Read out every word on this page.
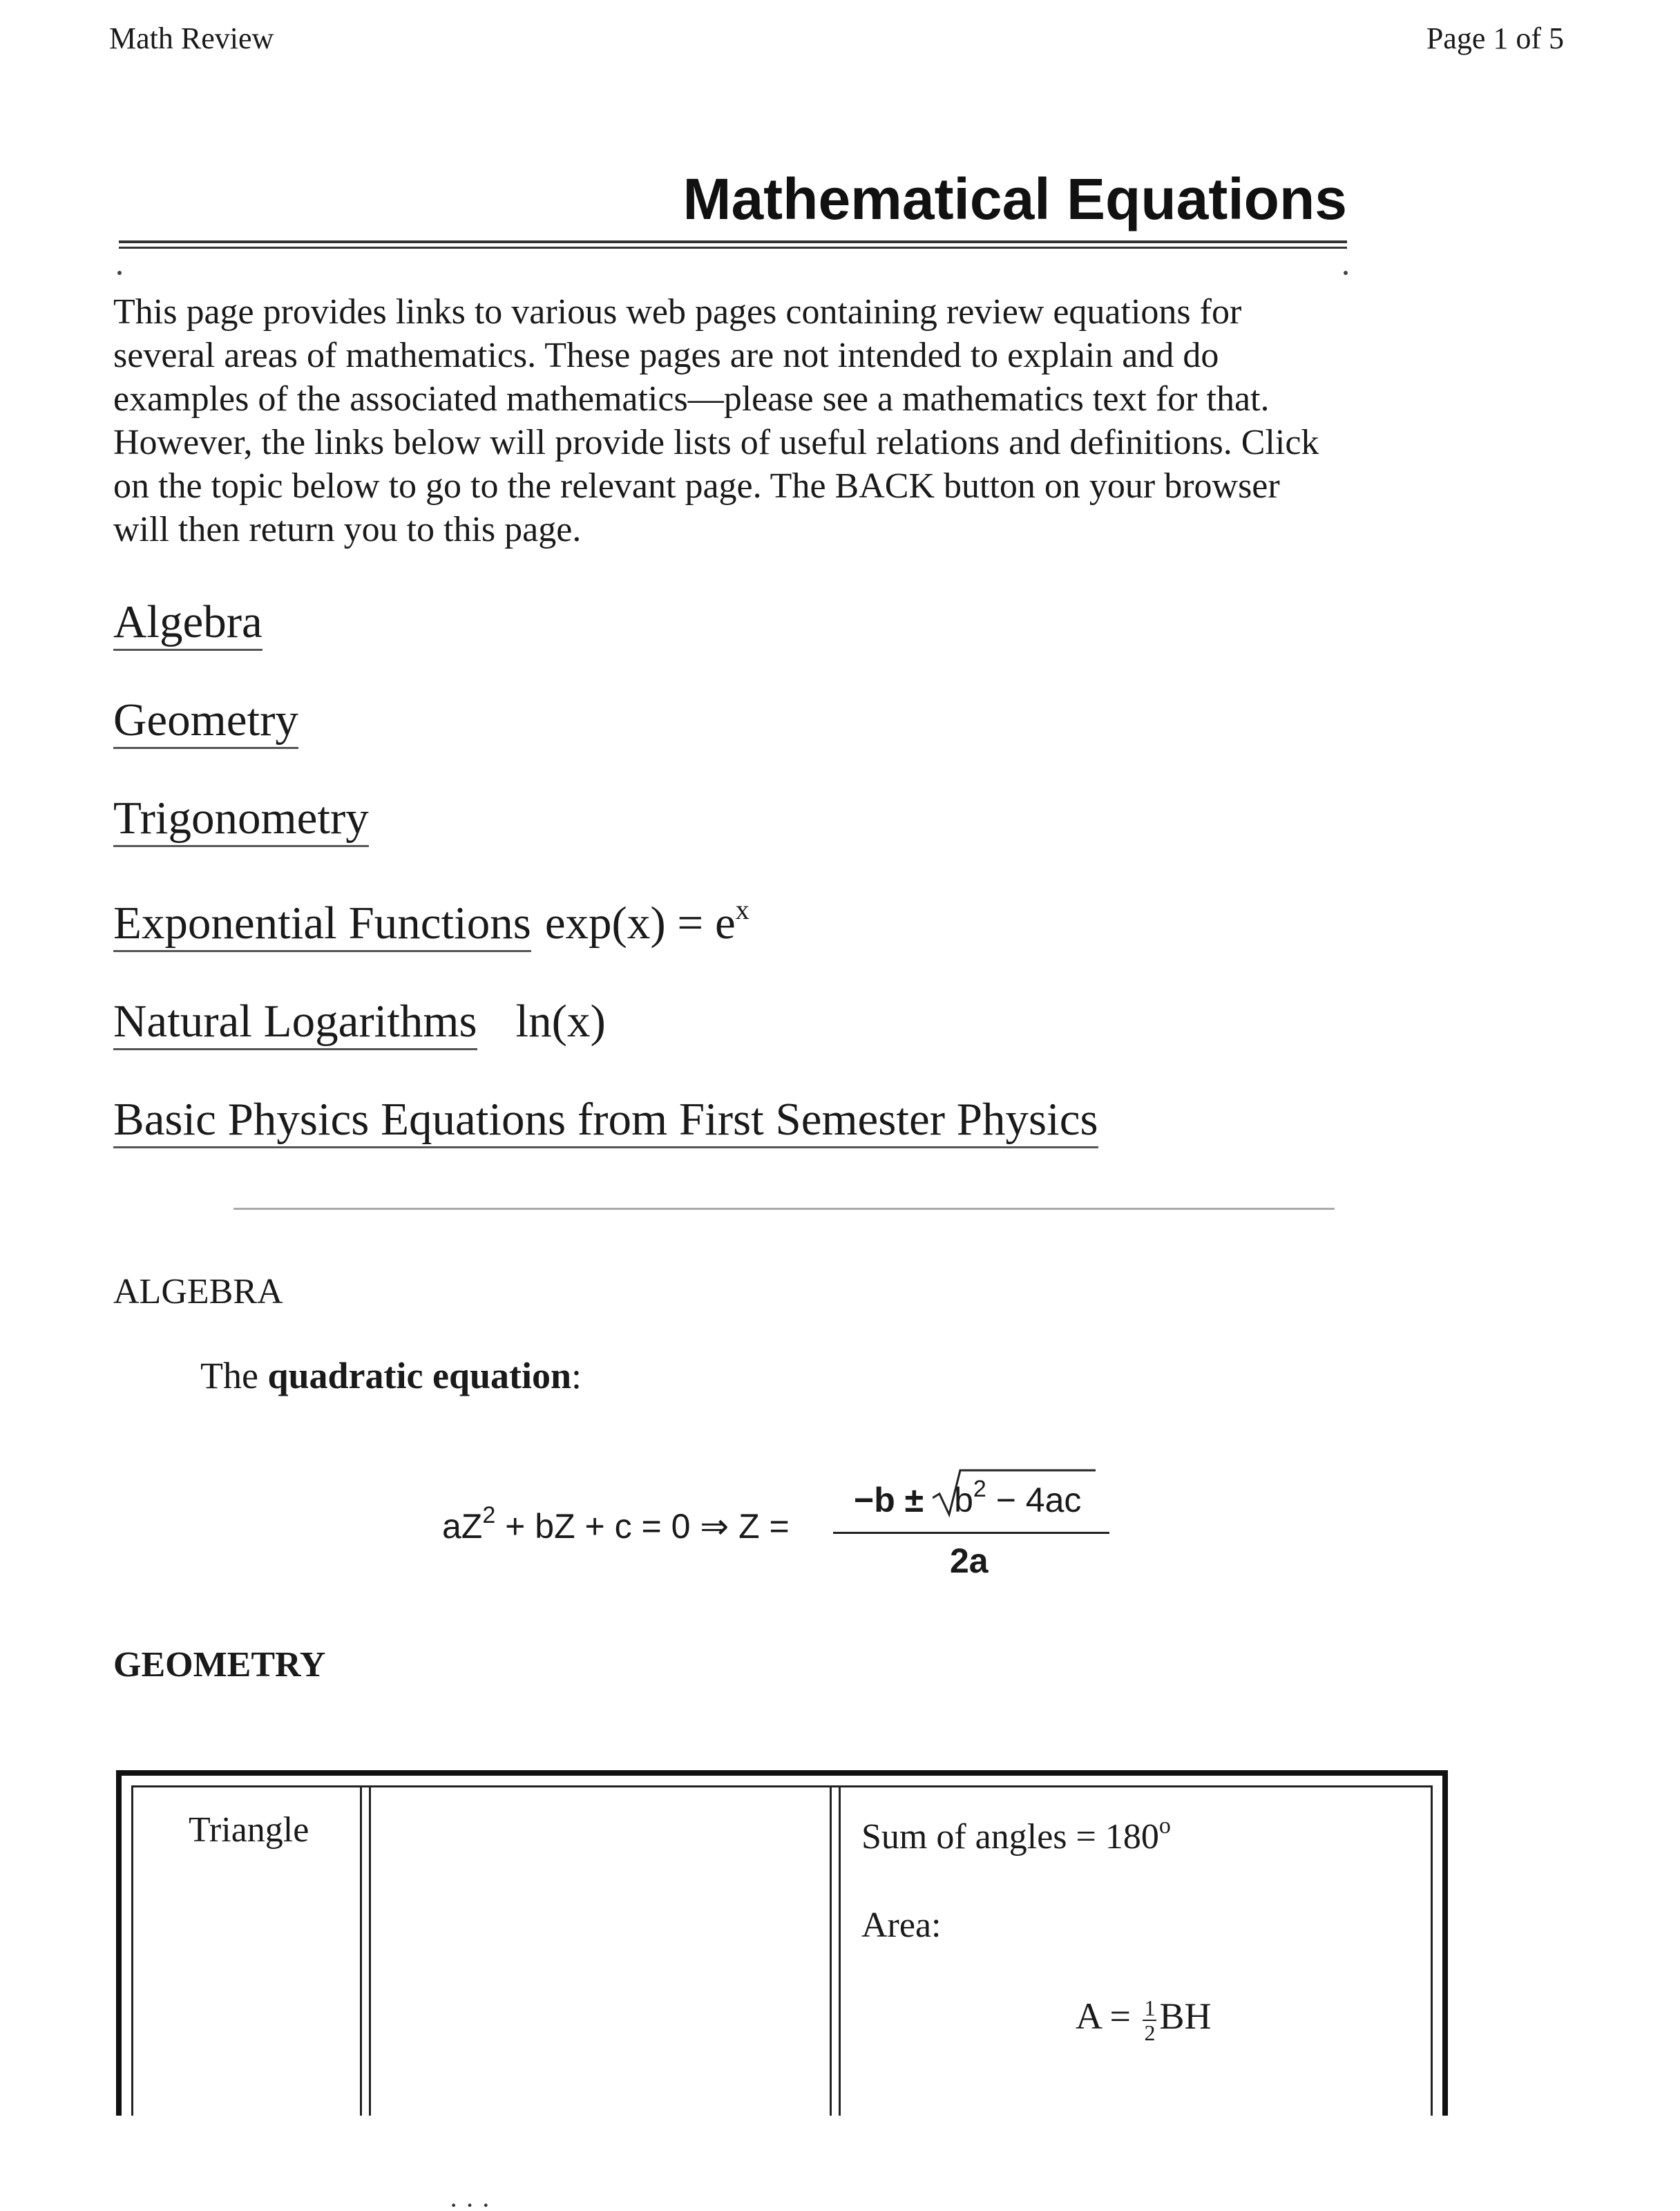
Math Review	Page 1 of 5
Mathematical Equations

This page provides links to various web pages containing review equations for

several areas of mathematics. These pages are not intended to explain and do

examples of the associated mathematics—please see a mathematics text for that.

However, the links below will provide lists of useful relations and definitions. Click

on the topic below to go to the relevant page. The BACK button on your browser

will then return you to this page.

Algebra
Geometry
Trigonometry
Exponential Functions $\exp(x) = e^x$
Natural Logarithms ln(x)
Basic Physics Equations from First Semester Physics
ALGEBRA
The quadratic equation:
$aZ^2$ + bZ + c = 0 ⇒ Z =
$-b \pm b^2 - 4ac$
2a
GEOMETRY
Triangle	Sum of angles = $180^o$
Area:
$A = \frac{1}{2}$ BH
· · ·
